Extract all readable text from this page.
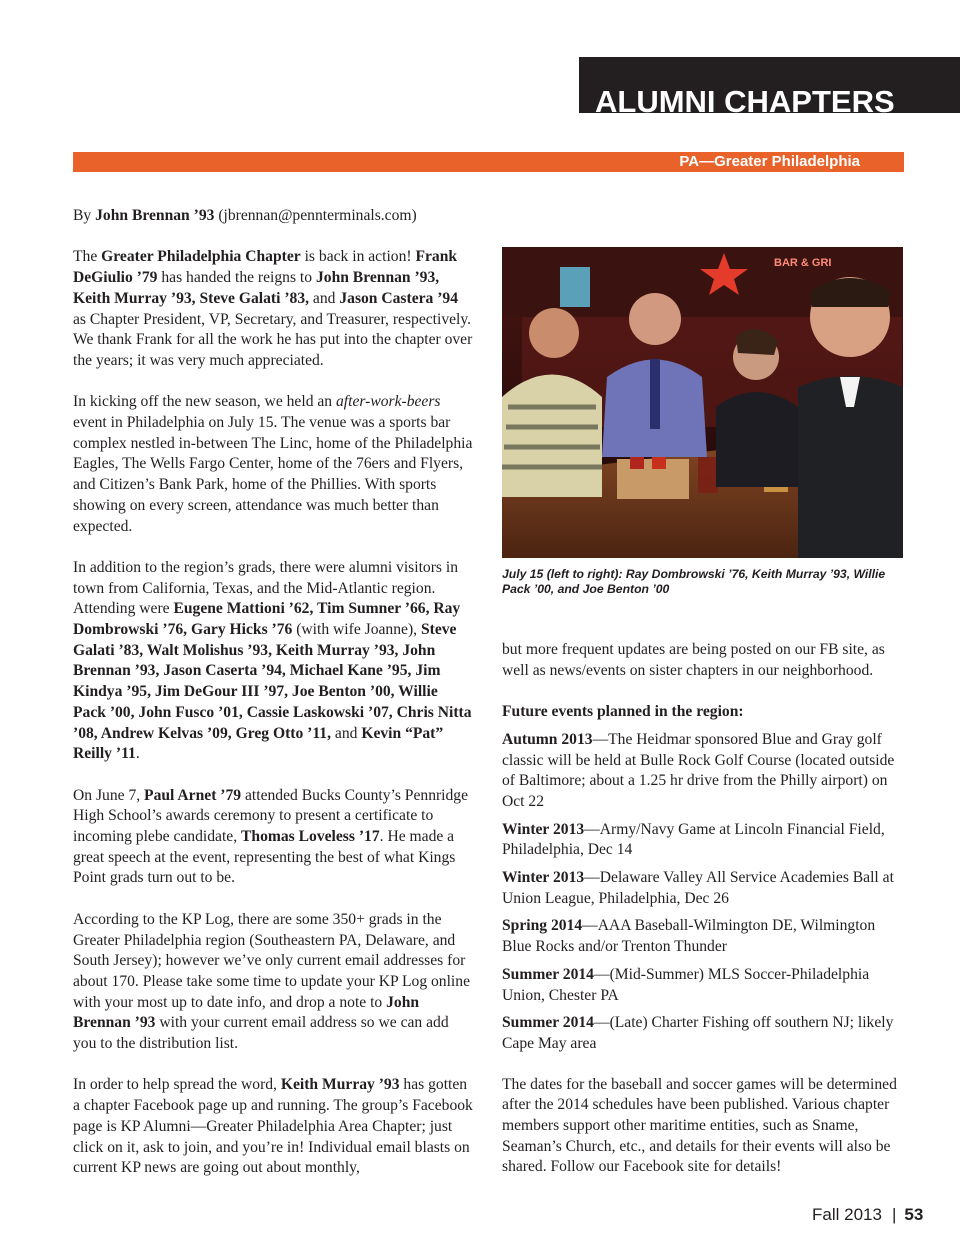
ALUMNI CHAPTERS
PA—Greater Philadelphia

By John Brennan ’93 (jbrennan@pennterminals.com)

The Greater Philadelphia Chapter is back in action! Frank DeGiulio ’79 has handed the reigns to John Brennan ’93, Keith Murray ’93, Steve Galati ’83, and Jason Castera ’94 as Chapter President, VP, Secretary, and Treasurer, respectively. We thank Frank for all the work he has put into the chapter over the years; it was very much appreciated.

In kicking off the new season, we held an after-work-beers event in Philadelphia on July 15. The venue was a sports bar complex nestled in-between The Linc, home of the Philadelphia Eagles, The Wells Fargo Center, home of the 76ers and Flyers, and Citizen’s Bank Park, home of the Phillies. With sports showing on every screen, attendance was much better than expected.

In addition to the region’s grads, there were alumni visitors in town from California, Texas, and the Mid-Atlantic region. Attending were Eugene Mattioni ’62, Tim Sumner ’66, Ray Dombrowski ’76, Gary Hicks ’76 (with wife Joanne), Steve Galati ’83, Walt Molishus ’93, Keith Murray ’93, John Brennan ’93, Jason Caserta ’94, Michael Kane ’95, Jim Kindya ’95, Jim DeGour III ’97, Joe Benton ’00, Willie Pack ’00, John Fusco ’01, Cassie Laskowski ’07, Chris Nitta ’08, Andrew Kelvas ’09, Greg Otto ’11, and Kevin “Pat” Reilly ’11.

On June 7, Paul Arnet ’79 attended Bucks County’s Pennridge High School’s awards ceremony to present a certificate to incoming plebe candidate, Thomas Loveless ’17. He made a great speech at the event, representing the best of what Kings Point grads turn out to be.

According to the KP Log, there are some 350+ grads in the Greater Philadelphia region (Southeastern PA, Delaware, and South Jersey); however we’ve only current email addresses for about 170. Please take some time to update your KP Log online with your most up to date info, and drop a note to John Brennan ’93 with your current email address so we can add you to the distribution list.

In order to help spread the word, Keith Murray ’93 has gotten a chapter Facebook page up and running. The group’s Facebook page is KP Alumni—Greater Philadelphia Area Chapter; just click on it, ask to join, and you’re in! Individual email blasts on current KP news are going out about monthly,

BAR & GRI
July 15 (left to right): Ray Dombrowski ’76, Keith Murray ’93, Willie Pack ’00, and Joe Benton ’00

but more frequent updates are being posted on our FB site, as well as news/events on sister chapters in our neighborhood.

Future events planned in the region:

Autumn 2013—The Heidmar sponsored Blue and Gray golf classic will be held at Bulle Rock Golf Course (located outside of Baltimore; about a 1.25 hr drive from the Philly airport) on Oct 22

Winter 2013—Army/Navy Game at Lincoln Financial Field, Philadelphia, Dec 14

Winter 2013—Delaware Valley All Service Academies Ball at Union League, Philadelphia, Dec 26

Spring 2014—AAA Baseball-Wilmington DE, Wilmington Blue Rocks and/or Trenton Thunder

Summer 2014—(Mid-Summer) MLS Soccer-Philadelphia Union, Chester PA

Summer 2014—(Late) Charter Fishing off southern NJ; likely Cape May area

The dates for the baseball and soccer games will be determined after the 2014 schedules have been published. Various chapter members support other maritime entities, such as Sname, Seaman’s Church, etc., and details for their events will also be shared. Follow our Facebook site for details!

Fall 2013 | 53
